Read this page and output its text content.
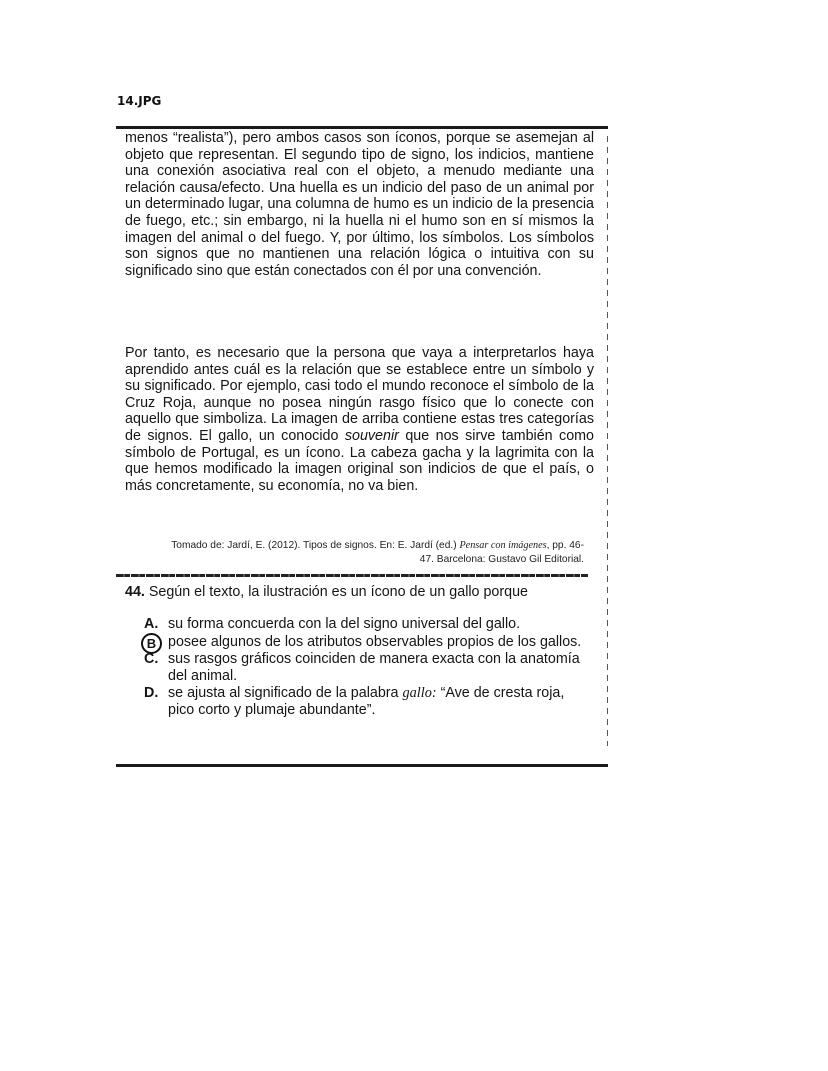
14.JPG

menos “realista”), pero ambos casos son íconos, porque se asemejan al objeto que representan. El segundo tipo de signo, los indicios, mantiene una conexión asociativa real con el objeto, a menudo mediante una relación causa/efecto. Una huella es un indicio del paso de un animal por un determinado lugar, una columna de humo es un indicio de la presencia de fuego, etc.; sin embargo, ni la huella ni el humo son en sí mismos la imagen del animal o del fuego. Y, por último, los símbolos. Los símbolos son signos que no mantienen una relación lógica o intuitiva con su significado sino que están conectados con él por una convención.

Por tanto, es necesario que la persona que vaya a interpretarlos haya aprendido antes cuál es la relación que se establece entre un símbolo y su significado. Por ejemplo, casi todo el mundo reconoce el símbolo de la Cruz Roja, aunque no posea ningún rasgo físico que lo conecte con aquello que simboliza. La imagen de arriba contiene estas tres categorías de signos. El gallo, un conocido souvenir que nos sirve también como símbolo de Portugal, es un ícono. La cabeza gacha y la lagrimita con la que hemos modificado la imagen original son indicios de que el país, o más concretamente, su economía, no va bien.

Tomado de: Jardí, E. (2012). Tipos de signos. En: E. Jardí (ed.) Pensar con imágenes, pp. 46-47. Barcelona: Gustavo Gil Editorial.
44. Según el texto, la ilustración es un ícono de un gallo porque
A. su forma concuerda con la del signo universal del gallo.
B posee algunos de los atributos observables propios de los gallos.
C. sus rasgos gráficos coinciden de manera exacta con la anatomía del animal.
D. se ajusta al significado de la palabra gallo: “Ave de cresta roja, pico corto y plumaje abundante”.
